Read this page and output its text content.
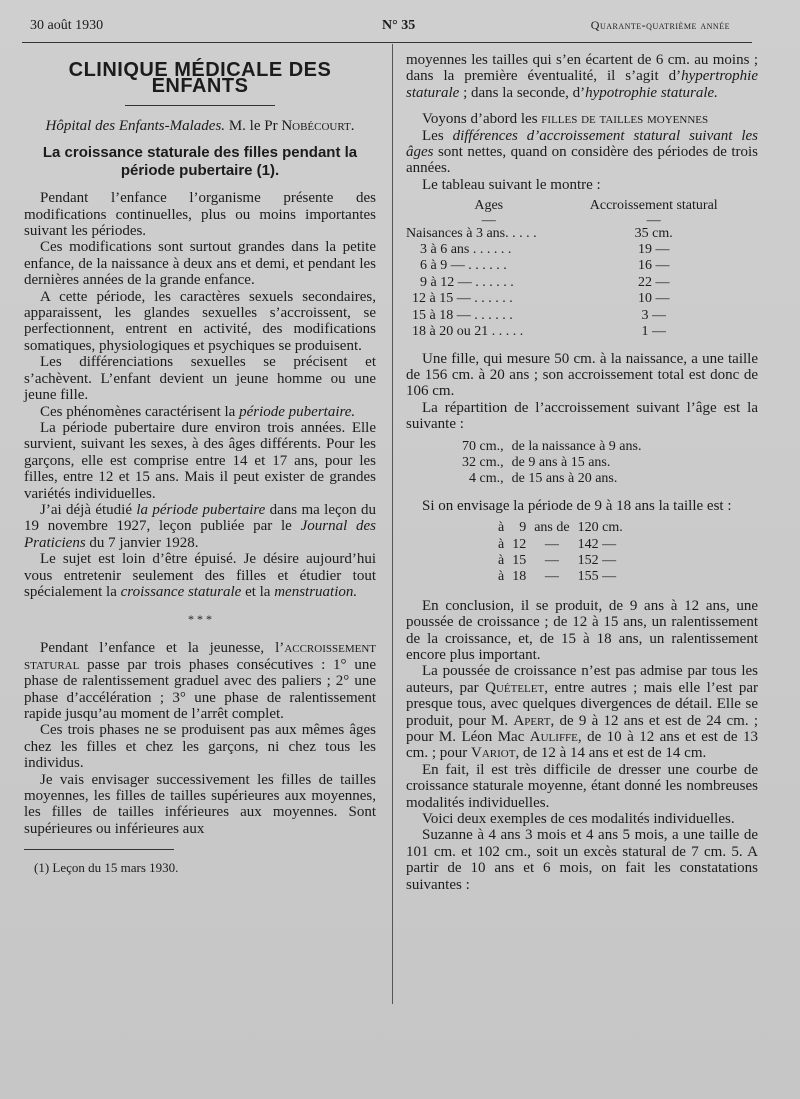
30 août 1930	N° 35	Quarante-quatrième année
CLINIQUE MÉDICALE DES ENFANTS

Hôpital des Enfants-Malades. M. le Pr Nobécourt.

La croissance staturale des filles pendant la période pubertaire (1).

Pendant l’enfance l’organisme présente des modifications continuelles, plus ou moins importantes suivant les périodes.

Ces modifications sont surtout grandes dans la petite enfance, de la naissance à deux ans et demi, et pendant les dernières années de la grande enfance.

A cette période, les caractères sexuels secondaires, apparaissent, les glandes sexuelles s’accroissent, se perfectionnent, entrent en activité, des modifications somatiques, physiologiques et psychiques se produisent.

Les différenciations sexuelles se précisent et s’achèvent. L’enfant devient un jeune homme ou une jeune fille.

Ces phénomènes caractérisent la période pubertaire.

La période pubertaire dure environ trois années. Elle survient, suivant les sexes, à des âges différents. Pour les garçons, elle est comprise entre 14 et 17 ans, pour les filles, entre 12 et 15 ans. Mais il peut exister de grandes variétés individuelles.

J’ai déjà étudié la période pubertaire dans ma leçon du 19 novembre 1927, leçon publiée par le Journal des Praticiens du 7 janvier 1928.

Le sujet est loin d’être épuisé. Je désire aujourd’hui vous entretenir seulement des filles et étudier tout spécialement la croissance staturale et la menstruation.

* * *

Pendant l’enfance et la jeunesse, l’accroissement statural passe par trois phases consécutives : 1° une phase de ralentissement graduel avec des paliers ; 2° une phase d’accélération ; 3° une phase de ralentissement rapide jusqu’au moment de l’arrêt complet.

Ces trois phases ne se produisent pas aux mêmes âges chez les filles et chez les garçons, ni chez tous les individus.

Je vais envisager successivement les filles de tailles moyennes, les filles de tailles supérieures aux moyennes, les filles de tailles inférieures aux moyennes. Sont supérieures ou inférieures aux

(1) Leçon du 15 mars 1930.

moyennes les tailles qui s’en écartent de 6 cm. au moins ; dans la première éventualité, il s’agit d’hypertrophie staturale ; dans la seconde, d’hypotrophie staturale.

Voyons d’abord les filles de tailles moyennes

Les différences d’accroissement statural suivant les âges sont nettes, quand on considère des périodes de trois années.

Le tableau suivant le montre :

Ages	Accroissement statural
—	—
Naisances à 3 ans. . . . .	35 cm.
3 à 6 ans . . . . . .	19 —
6 à 9 — . . . . . .	16 —
9 à 12 — . . . . . .	22 —
12 à 15 — . . . . . .	10 —
15 à 18 — . . . . . .	3 —
18 à 20 ou 21 . . . . .	1 —

Une fille, qui mesure 50 cm. à la naissance, a une taille de 156 cm. à 20 ans ; son accroissement total est donc de 106 cm.

La répartition de l’accroissement suivant l’âge est la suivante :

70 cm.,	de la naissance à 9 ans.
32 cm.,	de 9 ans à 15 ans.
4 cm.,	de 15 ans à 20 ans.

Si on envisage la période de 9 à 18 ans la taille est :

à	9	ans de	120 cm.
à	12	—	142 —
à	15	—	152 —
à	18	—	155 —

En conclusion, il se produit, de 9 ans à 12 ans, une poussée de croissance ; de 12 à 15 ans, un ralentissement de la croissance, et, de 15 à 18 ans, un ralentissement encore plus important.

La poussée de croissance n’est pas admise par tous les auteurs, par Quételet, entre autres ; mais elle l’est par presque tous, avec quelques divergences de détail. Elle se produit, pour M. Apert, de 9 à 12 ans et est de 24 cm. ; pour M. Léon Mac Auliffe, de 10 à 12 ans et est de 13 cm. ; pour Variot, de 12 à 14 ans et est de 14 cm.

En fait, il est très difficile de dresser une courbe de croissance staturale moyenne, étant donné les nombreuses modalités individuelles.

Voici deux exemples de ces modalités individuelles.

Suzanne à 4 ans 3 mois et 4 ans 5 mois, a une taille de 101 cm. et 102 cm., soit un excès statural de 7 cm. 5. A partir de 10 ans et 6 mois, on fait les constatations suivantes :
